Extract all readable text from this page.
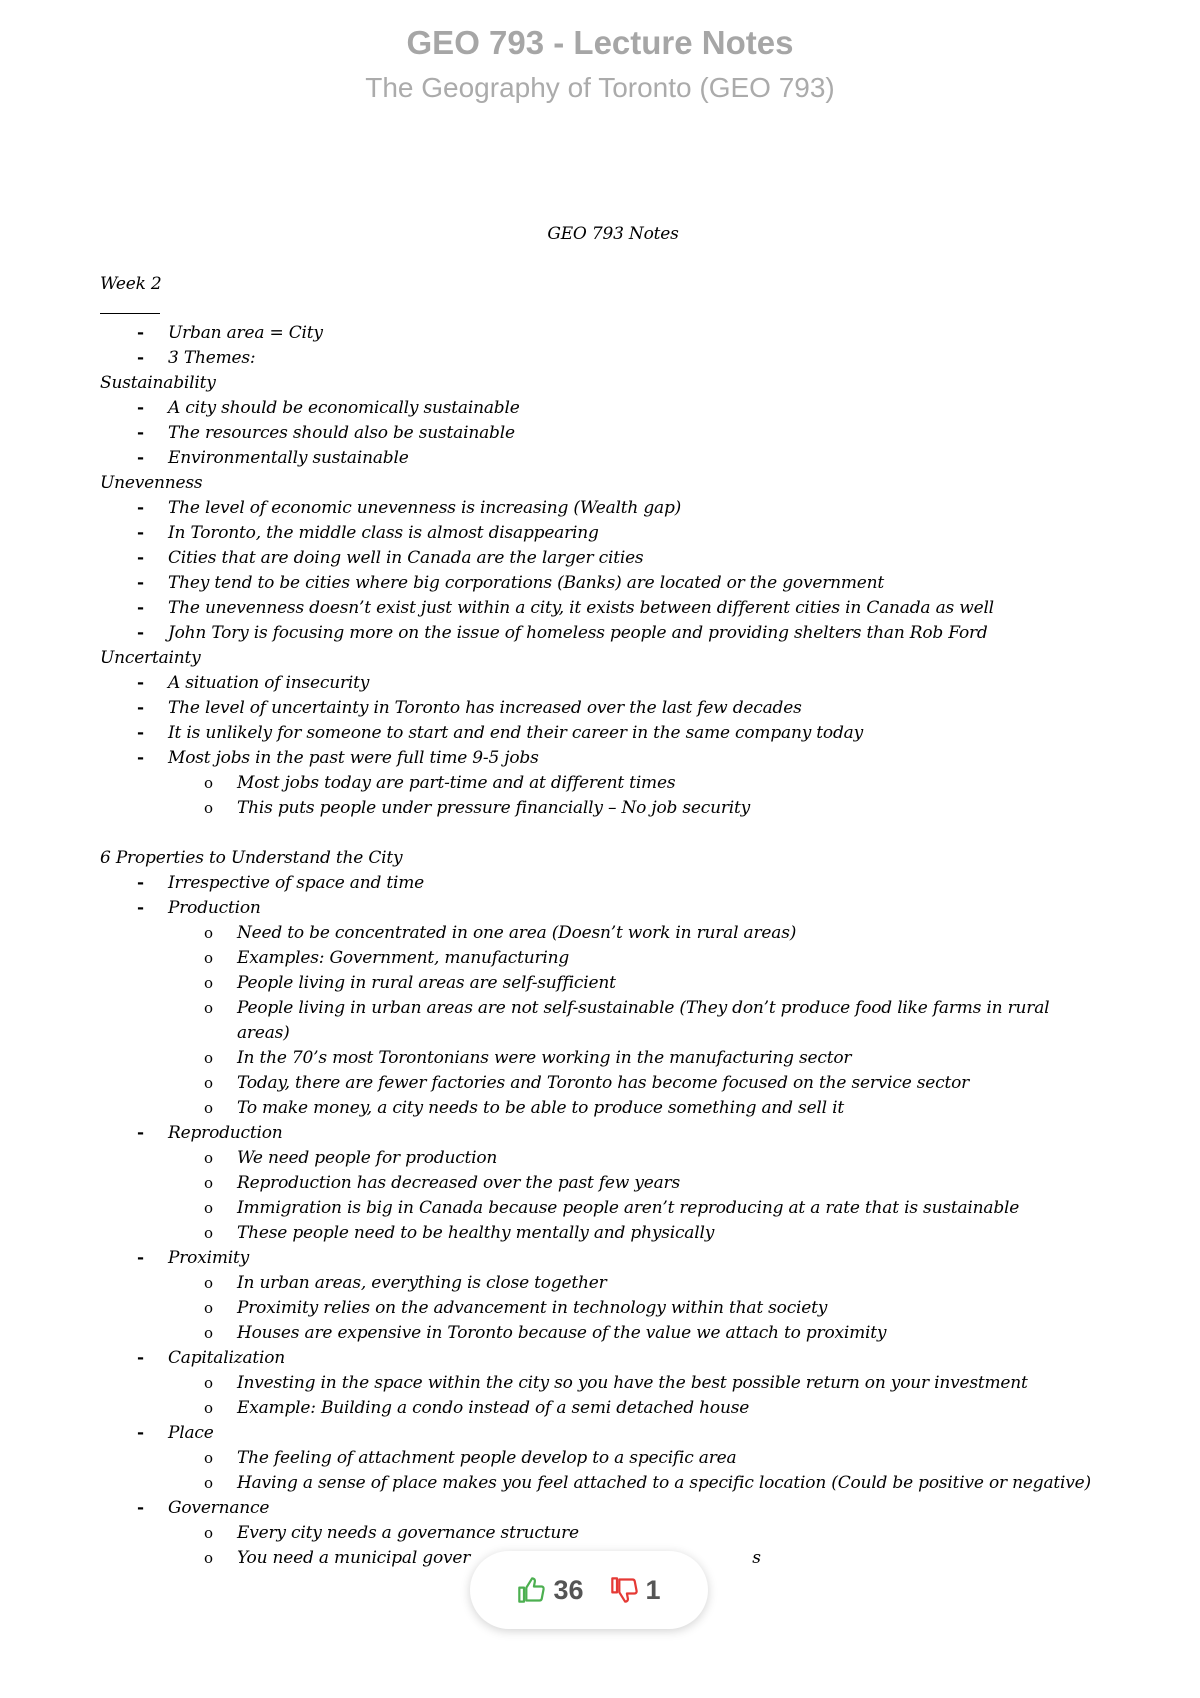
GEO 793 - Lecture Notes
The Geography of Toronto (GEO 793)
GEO 793 Notes
Week 2
- Urban area = City
- 3 Themes:
Sustainability
- A city should be economically sustainable
- The resources should also be sustainable
- Environmentally sustainable
Unevenness
- The level of economic unevenness is increasing (Wealth gap)
- In Toronto, the middle class is almost disappearing
- Cities that are doing well in Canada are the larger cities
- They tend to be cities where big corporations (Banks) are located or the government
- The unevenness doesn’t exist just within a city, it exists between different cities in Canada as well
- John Tory is focusing more on the issue of homeless people and providing shelters than Rob Ford
Uncertainty
- A situation of insecurity
- The level of uncertainty in Toronto has increased over the last few decades
- It is unlikely for someone to start and end their career in the same company today
- Most jobs in the past were full time 9-5 jobs
o Most jobs today are part-time and at different times
o This puts people under pressure financially – No job security
6 Properties to Understand the City
- Irrespective of space and time
- Production
o Need to be concentrated in one area (Doesn’t work in rural areas)
o Examples: Government, manufacturing
o People living in rural areas are self-sufficient
o People living in urban areas are not self-sustainable (They don’t produce food like farms in rural
areas)
o In the 70’s most Torontonians were working in the manufacturing sector
o Today, there are fewer factories and Toronto has become focused on the service sector
o To make money, a city needs to be able to produce something and sell it
- Reproduction
o We need people for production
o Reproduction has decreased over the past few years
o Immigration is big in Canada because people aren’t reproducing at a rate that is sustainable
o These people need to be healthy mentally and physically
- Proximity
o In urban areas, everything is close together
o Proximity relies on the advancement in technology within that society
o Houses are expensive in Toronto because of the value we attach to proximity
- Capitalization
o Investing in the space within the city so you have the best possible return on your investment
o Example: Building a condo instead of a semi detached house
- Place
o The feeling of attachment people develop to a specific area
o Having a sense of place makes you feel attached to a specific location (Could be positive or negative)
- Governance
o Every city needs a governance structure
o You need a municipal gover	s
36 1
